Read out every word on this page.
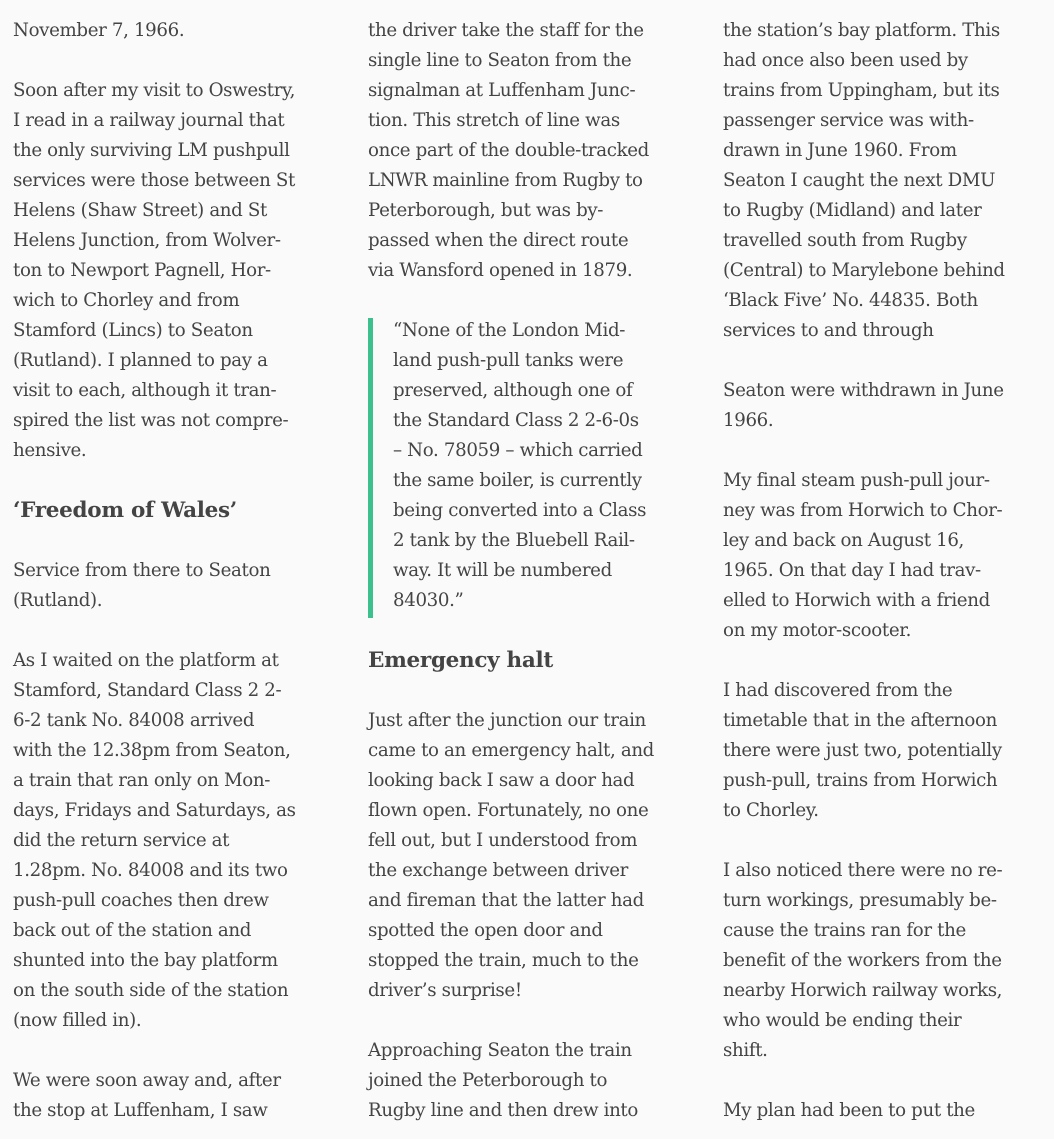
November 7, 1966.

Soon after my visit to Oswestry,
I read in a railway journal that
the only surviving LM pushpull
services were those between St
Helens (Shaw Street) and St
Helens Junction, from Wolver-
ton to Newport Pagnell, Hor-
wich to Chorley and from
Stamford (Lincs) to Seaton
(Rutland). I planned to pay a
visit to each, although it tran-
spired the list was not compre-
hensive.

‘Freedom of Wales’

Service from there to Seaton
(Rutland).

As I waited on the platform at
Stamford, Standard Class 2 2-
6-2 tank No. 84008 arrived
with the 12.38pm from Seaton,
a train that ran only on Mon-
days, Fridays and Saturdays, as
did the return service at
1.28pm. No. 84008 and its two
push-pull coaches then drew
back out of the station and
shunted into the bay platform
on the south side of the station
(now filled in).

We were soon away and, after
the stop at Luffenham, I saw

the driver take the staff for the
single line to Seaton from the
signalman at Luffenham Junc-
tion. This stretch of line was
once part of the double-tracked
LNWR mainline from Rugby to
Peterborough, but was by-
passed when the direct route
via Wansford opened in 1879.

“None of the London Mid-
land push-pull tanks were
preserved, although one of
the Standard Class 2 2-6-0s
– No. 78059 – which carried
the same boiler, is currently
being converted into a Class
2 tank by the Bluebell Rail-
way. It will be numbered
84030.”
Emergency halt

Just after the junction our train
came to an emergency halt, and
looking back I saw a door had
flown open. Fortunately, no one
fell out, but I understood from
the exchange between driver
and fireman that the latter had
spotted the open door and
stopped the train, much to the
driver’s surprise!

Approaching Seaton the train
joined the Peterborough to
Rugby line and then drew into

the station’s bay platform. This
had once also been used by
trains from Uppingham, but its
passenger service was with-
drawn in June 1960. From
Seaton I caught the next DMU
to Rugby (Midland) and later
travelled south from Rugby
(Central) to Marylebone behind
‘Black Five’ No. 44835. Both
services to and through

Seaton were withdrawn in June
1966.

My final steam push-pull jour-
ney was from Horwich to Chor-
ley and back on August 16,
1965. On that day I had trav-
elled to Horwich with a friend
on my motor-scooter.

I had discovered from the
timetable that in the afternoon
there were just two, potentially
push-pull, trains from Horwich
to Chorley.

I also noticed there were no re-
turn workings, presumably be-
cause the trains ran for the
benefit of the workers from the
nearby Horwich railway works,
who would be ending their
shift.

My plan had been to put the
